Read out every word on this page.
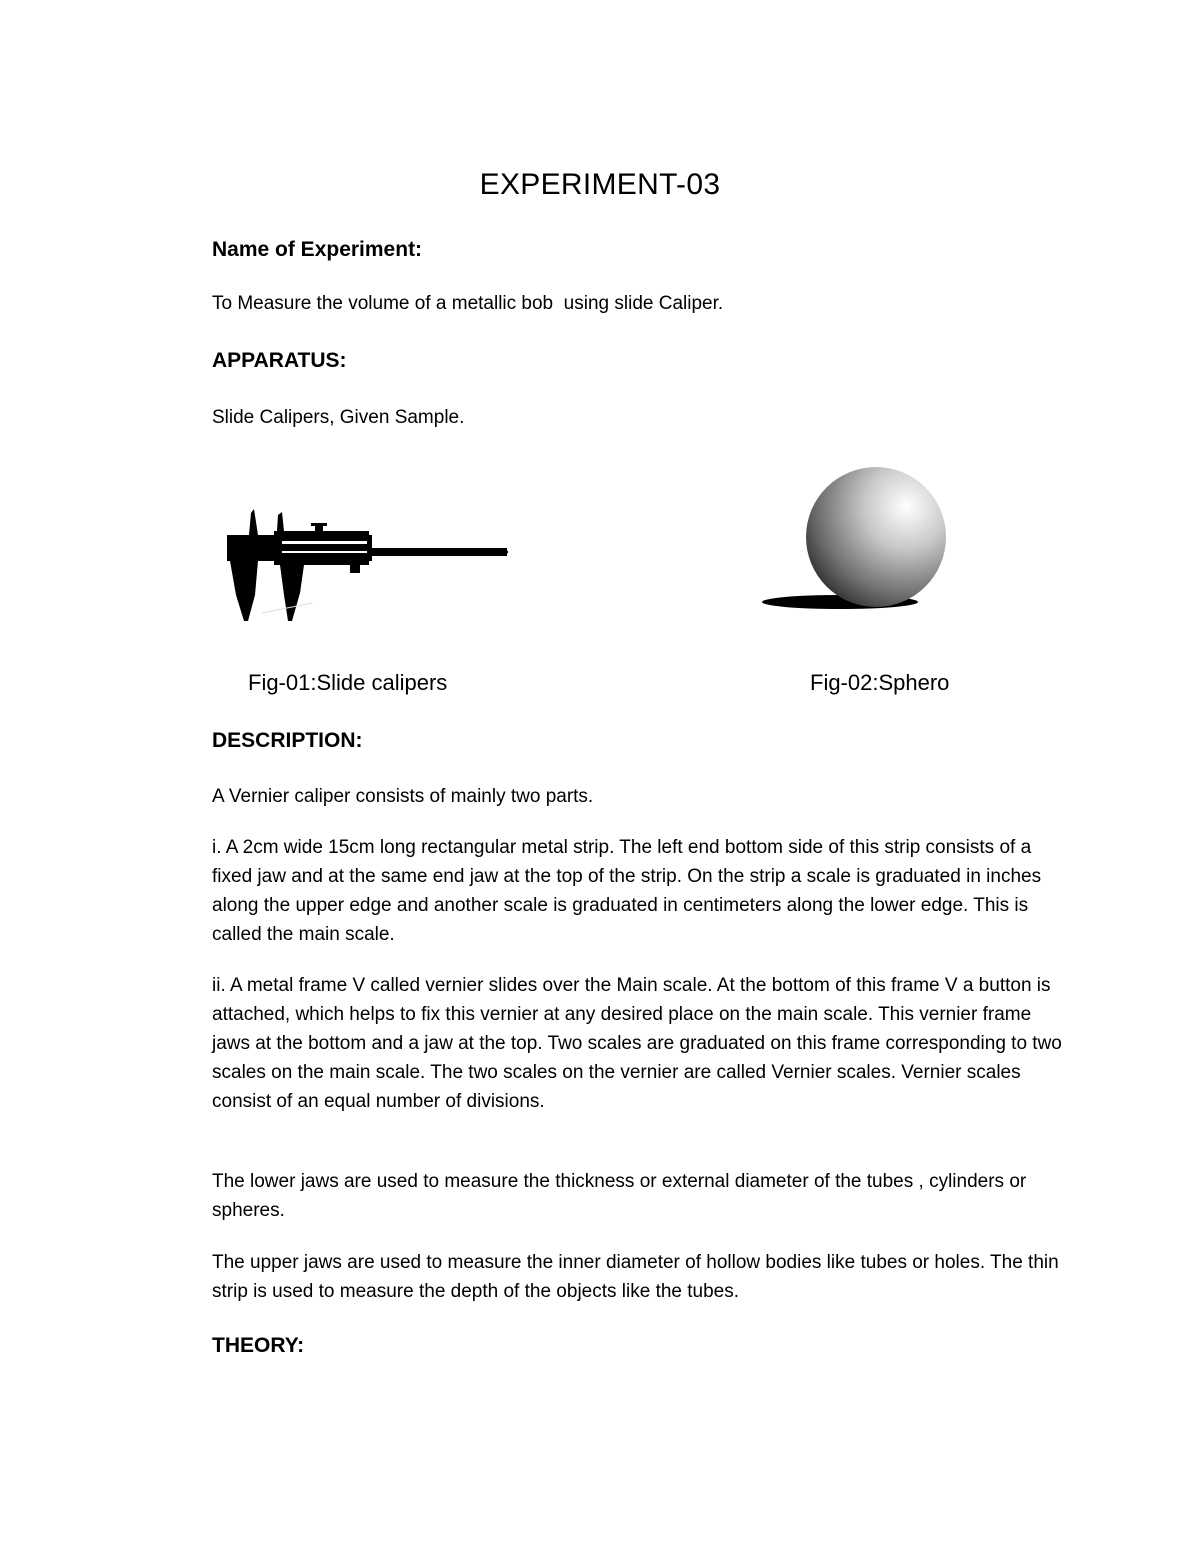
EXPERIMENT-03
Name of Experiment:
To Measure the volume of a metallic bob  using slide Caliper.
APPARATUS:
Slide Calipers, Given Sample.
Fig-01:Slide calipers	Fig-02:Sphero
DESCRIPTION:

A Vernier caliper consists of mainly two parts.

i. A 2cm wide 15cm long rectangular metal strip. The left end bottom side of this strip consists of a fixed jaw and at the same end jaw at the top of the strip. On the strip a scale is graduated in inches along the upper edge and another scale is graduated in centimeters along the lower edge. This is called the main scale.

ii. A metal frame V called vernier slides over the Main scale. At the bottom of this frame V a button is attached, which helps to fix this vernier at any desired place on the main scale. This vernier frame jaws at the bottom and a jaw at the top. Two scales are graduated on this frame corresponding to two scales on the main scale. The two scales on the vernier are called Vernier scales. Vernier scales consist of an equal number of divisions.

The lower jaws are used to measure the thickness or external diameter of the tubes , cylinders or spheres.

The upper jaws are used to measure the inner diameter of hollow bodies like tubes or holes. The thin strip is used to measure the depth of the objects like the tubes.

THEORY:
